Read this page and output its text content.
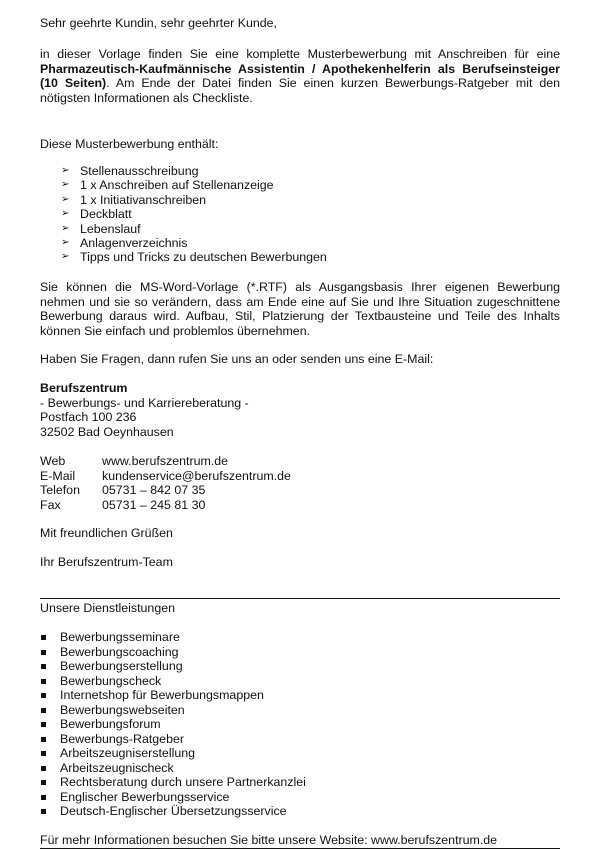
Sehr geehrte Kundin, sehr geehrter Kunde,
in dieser Vorlage finden Sie eine komplette Musterbewerbung mit Anschreiben für eine Pharmazeutisch-Kaufmännische Assistentin / Apothekenhelferin als Berufseinsteiger (10 Seiten). Am Ende der Datei finden Sie einen kurzen Bewerbungs-Ratgeber mit den nötigsten Informationen als Checkliste.
Diese Musterbewerbung enthält:
➢ Stellenausschreibung
➢ 1 x Anschreiben auf Stellenanzeige
➢ 1 x Initiativanschreiben
➢ Deckblatt
➢ Lebenslauf
➢ Anlagenverzeichnis
➢ Tipps und Tricks zu deutschen Bewerbungen
Sie können die MS-Word-Vorlage (*.RTF) als Ausgangsbasis Ihrer eigenen Bewerbung nehmen und sie so verändern, dass am Ende eine auf Sie und Ihre Situation zugeschnittene Bewerbung daraus wird. Aufbau, Stil, Platzierung der Textbausteine und Teile des Inhalts können Sie einfach und problemlos übernehmen.
Haben Sie Fragen, dann rufen Sie uns an oder senden uns eine E-Mail:
Berufszentrum
- Bewerbungs- und Karriereberatung -
Postfach 100 236
32502 Bad Oeynhausen
Web	www.berufszentrum.de
E-Mail kundenservice@berufszentrum.de
Telefon 05731 – 842 07 35
Fax	05731 – 245 81 30
Mit freundlichen Grüßen
Ihr Berufszentrum-Team
Unsere Dienstleistungen
Bewerbungsseminare
Bewerbungscoaching
Bewerbungserstellung
Bewerbungscheck
Internetshop für Bewerbungsmappen
Bewerbungswebseiten
Bewerbungsforum
Bewerbungs-Ratgeber
Arbeitszeugniserstellung
Arbeitszeugnischeck
Rechtsberatung durch unsere Partnerkanzlei
Englischer Bewerbungsservice
Deutsch-Englischer Übersetzungsservice
Für mehr Informationen besuchen Sie bitte unsere Website: www.berufszentrum.de
